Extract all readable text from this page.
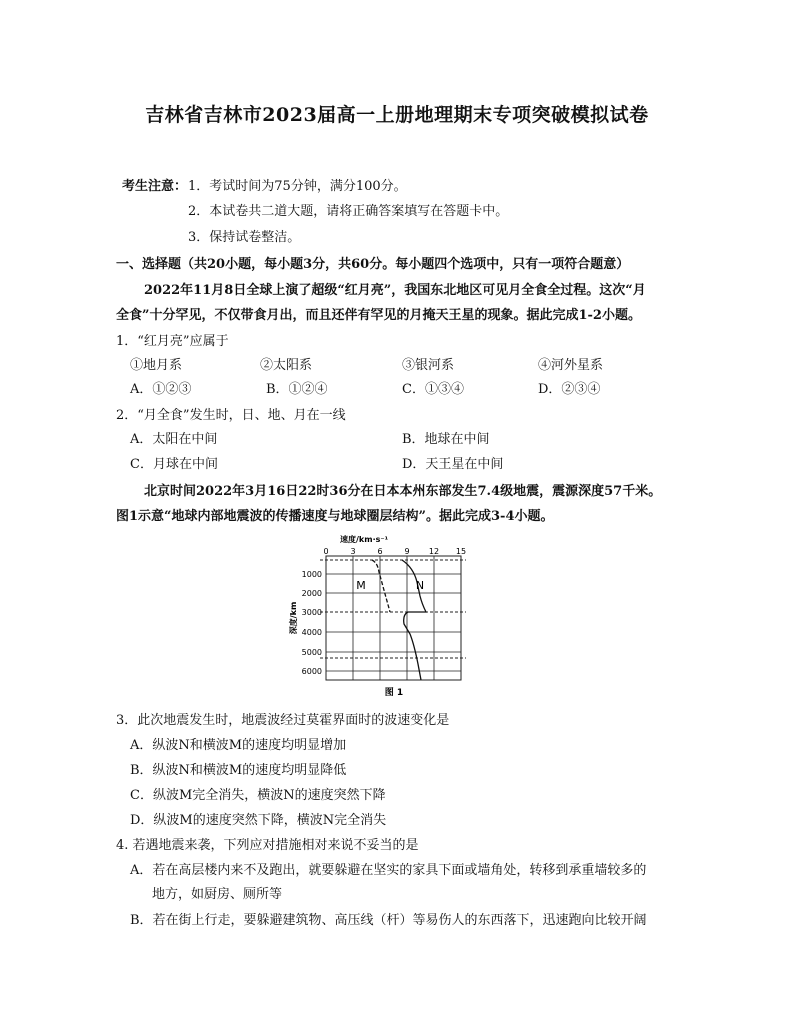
吉林省吉林市2023届高一上册地理期末专项突破模拟试卷
考生注意： 1．考试时间为75分钟，满分100分。
2．本试卷共二道大题，请将正确答案填写在答题卡中。
3．保持试卷整洁。
一、选择题（共20小题，每小题3分，共60分。每小题四个选项中，只有一项符合题意）
2022年11月8日全球上演了超级“红月亮”，我国东北地区可见月全食全过程。这次“月
全食”十分罕见，不仅带食月出，而且还伴有罕见的月掩天王星的现象。据此完成1-2小题。
1．“红月亮”应属于
①地月系	②太阳系	③银河系	④河外星系
A．①②③	B．①②④	C．①③④	D．②③④
2．“月全食”发生时，日、地、月在一线
A．太阳在中间	B．地球在中间
C．月球在中间	D．天王星在中间
北京时间2022年3月16日22时36分在日本本州东部发生7.4级地震，震源深度57千米。
图1示意“地球内部地震波的传播速度与地球圈层结构”。据此完成3-4小题。
速度/km·s⁻¹
0	3	6	9 12 15
1000
2000
3000
4000
5000
6000
深度/km
M	N
图 1
3．此次地震发生时，地震波经过莫霍界面时的波速变化是
A．纵波N和横波M的速度均明显增加
B．纵波N和横波M的速度均明显降低
C．纵波M完全消失，横波N的速度突然下降
D．纵波M的速度突然下降，横波N完全消失
4. 若遇地震来袭，下列应对措施相对来说不妥当的是
A．若在高层楼内来不及跑出，就要躲避在坚实的家具下面或墙角处，转移到承重墙较多的
地方，如厨房、厕所等
B．若在街上行走，要躲避建筑物、高压线（杆）等易伤人的东西落下，迅速跑向比较开阔
